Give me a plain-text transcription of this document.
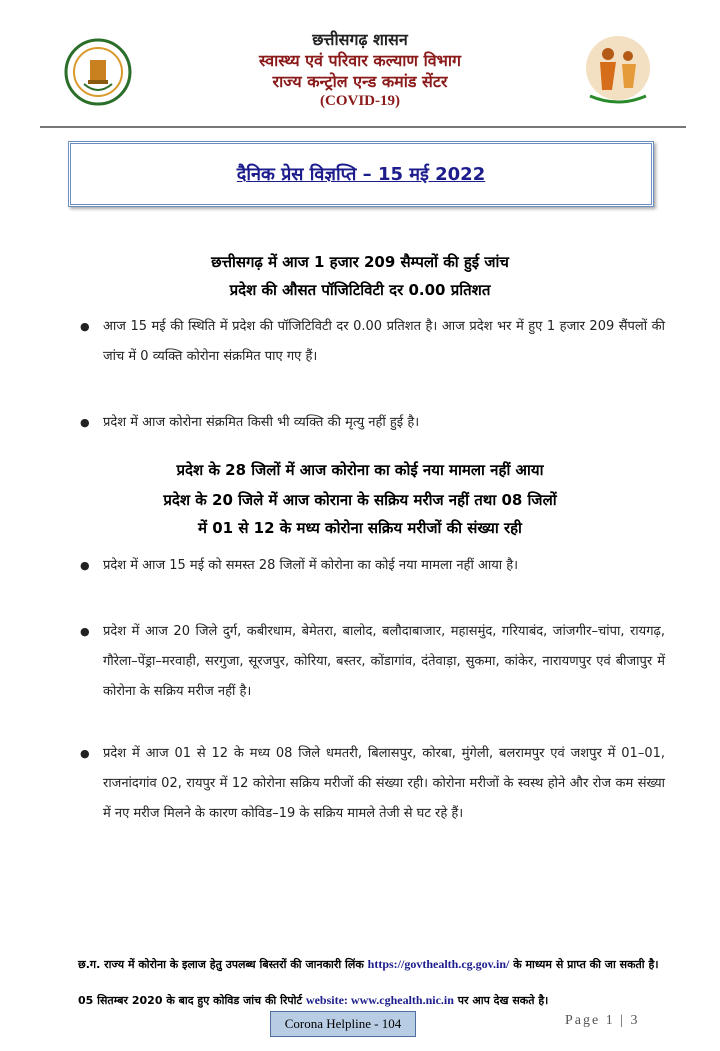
छत्तीसगढ़ शासन
स्वास्थ्य एवं परिवार कल्याण विभाग
राज्य कन्ट्रोल एन्ड कमांड सेंटर
(COVID-19)
दैनिक प्रेस विज्ञप्ति – 15 मई 2022
छत्तीसगढ़ में आज 1 हजार 209 सैम्पलों की हुई जांच
प्रदेश की औसत पॉजिटिविटी दर 0.00 प्रतिशत
● आज 15 मई की स्थिति में प्रदेश की पॉजिटिविटी दर 0.00 प्रतिशत है। आज प्रदेश भर में हुए 1 हजार 209 सैंपलों की जांच में 0 व्यक्ति कोरोना संक्रमित पाए गए हैं।
● प्रदेश में आज कोरोना संक्रमित किसी भी व्यक्ति की मृत्यु नहीं हुई है।
प्रदेश के 28 जिलों में आज कोरोना का कोई नया मामला नहीं आया
प्रदेश के 20 जिले में आज कोराना के सक्रिय मरीज नहीं तथा 08 जिलों
में 01 से 12 के मध्य कोरोना सक्रिय मरीजों की संख्या रही
● प्रदेश में आज 15 मई को समस्त 28 जिलों में कोरोना का कोई नया मामला नहीं आया है।
● प्रदेश में आज 20 जिले दुर्ग, कबीरधाम, बेमेतरा, बालोद, बलौदाबाजार, महासमुंद, गरियाबंद, जांजगीर–चांपा, रायगढ़, गौरेला–पेंड्रा–मरवाही, सरगुजा, सूरजपुर, कोरिया, बस्तर, कोंडागांव, दंतेवाड़ा, सुकमा, कांकेर, नारायणपुर एवं बीजापुर में कोरोना के सक्रिय मरीज नहीं है।
● प्रदेश में आज 01 से 12 के मध्य 08 जिले धमतरी, बिलासपुर, कोरबा, मुंगेली, बलरामपुर एवं जशपुर में 01–01, राजनांदगांव 02, रायपुर में 12 कोरोना सक्रिय मरीजों की संख्या रही। कोरोना मरीजों के स्वस्थ होने और रोज कम संख्या में नए मरीज मिलने के कारण कोविड–19 के सक्रिय मामले तेजी से घट रहे हैं।
छ.ग. राज्य में कोरोना के इलाज हेतु उपलब्ध बिस्तरों की जानकारी लिंक https://govthealth.cg.gov.in/ के माध्यम से प्राप्त की जा सकती है।
05 सितम्बर 2020 के बाद हुए कोविड जांच की रिपोर्ट website: www.cghealth.nic.in पर आप देख सकते है।
Corona Helpline - 104	Page 1 | 3
